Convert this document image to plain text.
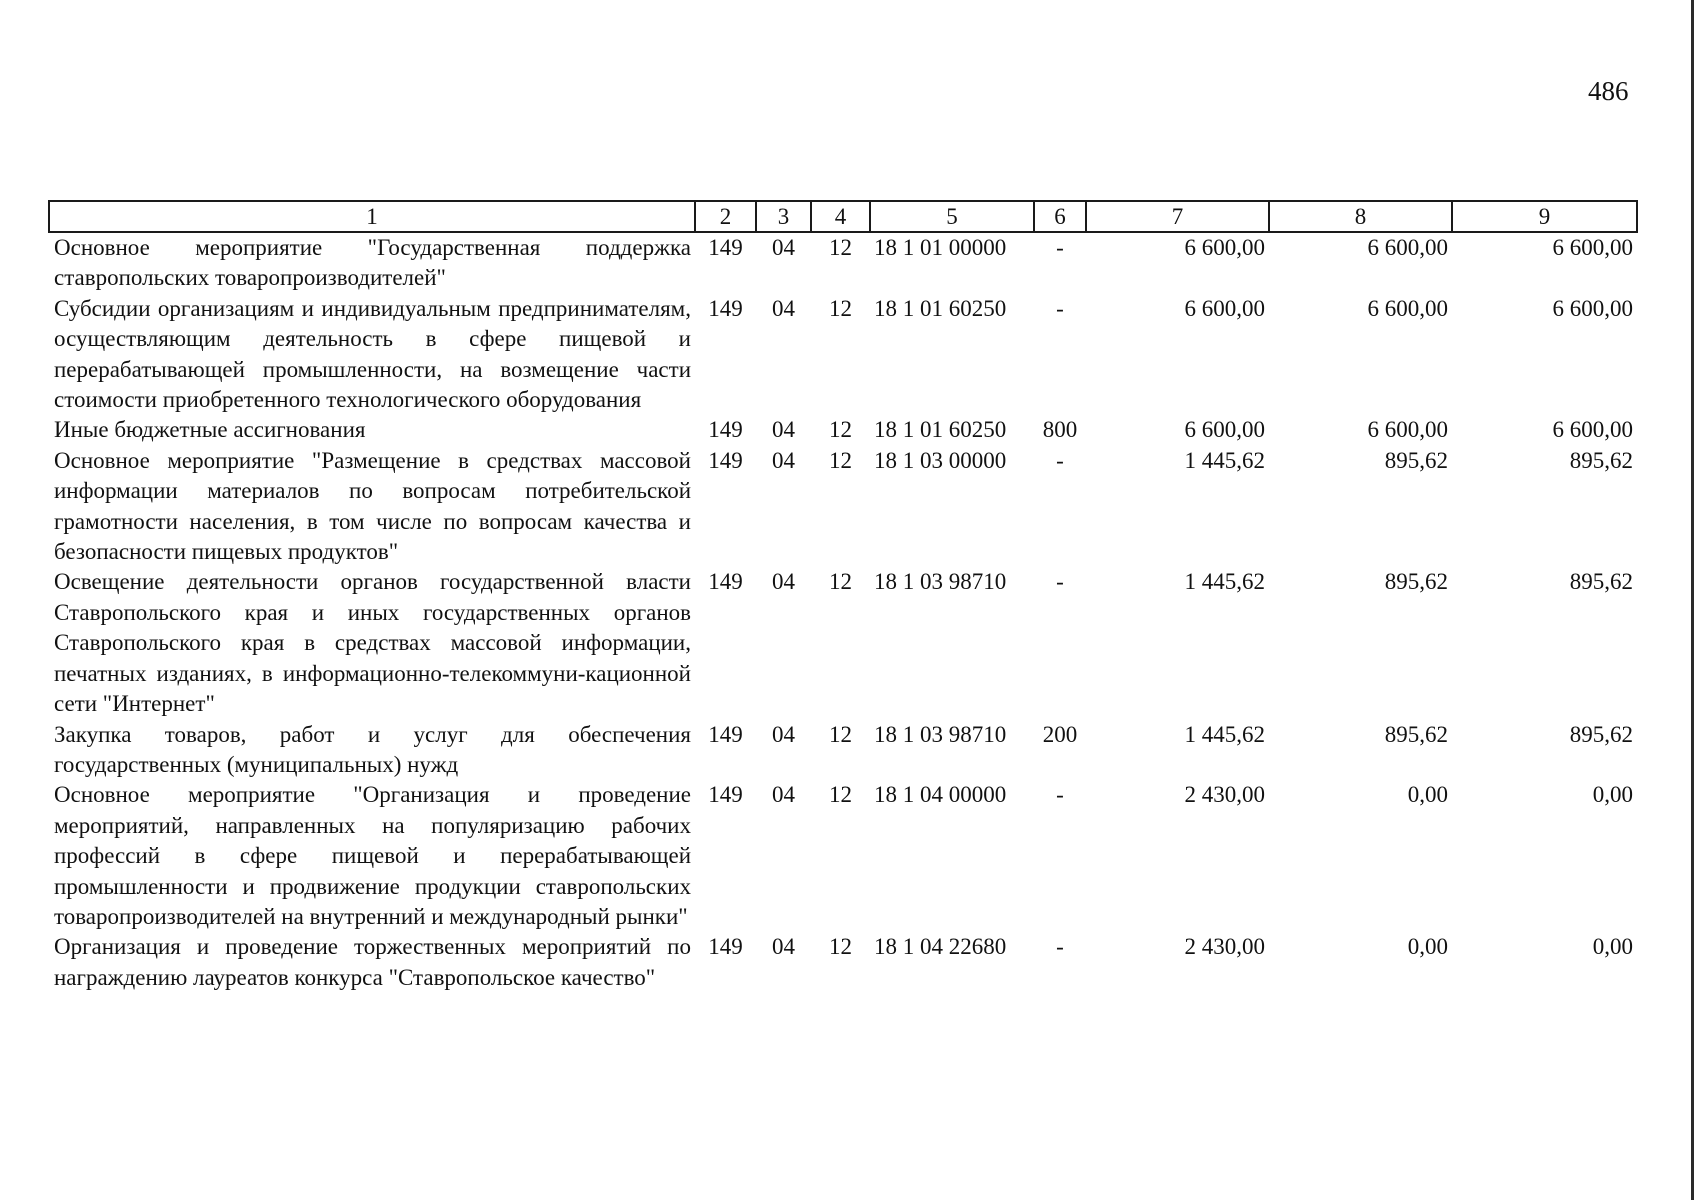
486
1	2	3	4	5	6	7	8	9
Основное мероприятие "Государственная поддержка ставропольских товаропроизводителей"	149	04	12	18 1 01 00000	-	6 600,00	6 600,00	6 600,00
Субсидии организациям и индивидуальным предпринимателям, осуществляющим деятельность в сфере пищевой и перерабатывающей промышленности, на возмещение части стоимости приобретенного технологического оборудования	149	04	12	18 1 01 60250	-	6 600,00	6 600,00	6 600,00
Иные бюджетные ассигнования	149	04	12	18 1 01 60250	800	6 600,00	6 600,00	6 600,00
Основное мероприятие "Размещение в средствах массовой информации материалов по вопросам потребительской грамотности населения, в том числе по вопросам качества и безопасности пищевых продуктов"	149	04	12	18 1 03 00000	-	1 445,62	895,62	895,62
Освещение деятельности органов государственной власти Ставропольского края и иных государственных органов Ставропольского края в средствах массовой информации, печатных изданиях, в информационно-телекоммуни-кационной сети "Интернет"	149	04	12	18 1 03 98710	-	1 445,62	895,62	895,62
Закупка товаров, работ и услуг для обеспечения государственных (муниципальных) нужд	149	04	12	18 1 03 98710	200	1 445,62	895,62	895,62
Основное мероприятие "Организация и проведение мероприятий, направленных на популяризацию рабочих профессий в сфере пищевой и перерабатывающей промышленности и продвижение продукции ставропольских товаропроизводителей на внутренний и международный рынки"	149	04	12	18 1 04 00000	-	2 430,00	0,00	0,00
Организация и проведение торжественных мероприятий по награждению лауреатов конкурса "Ставропольское качество"	149	04	12	18 1 04 22680	-	2 430,00	0,00	0,00
